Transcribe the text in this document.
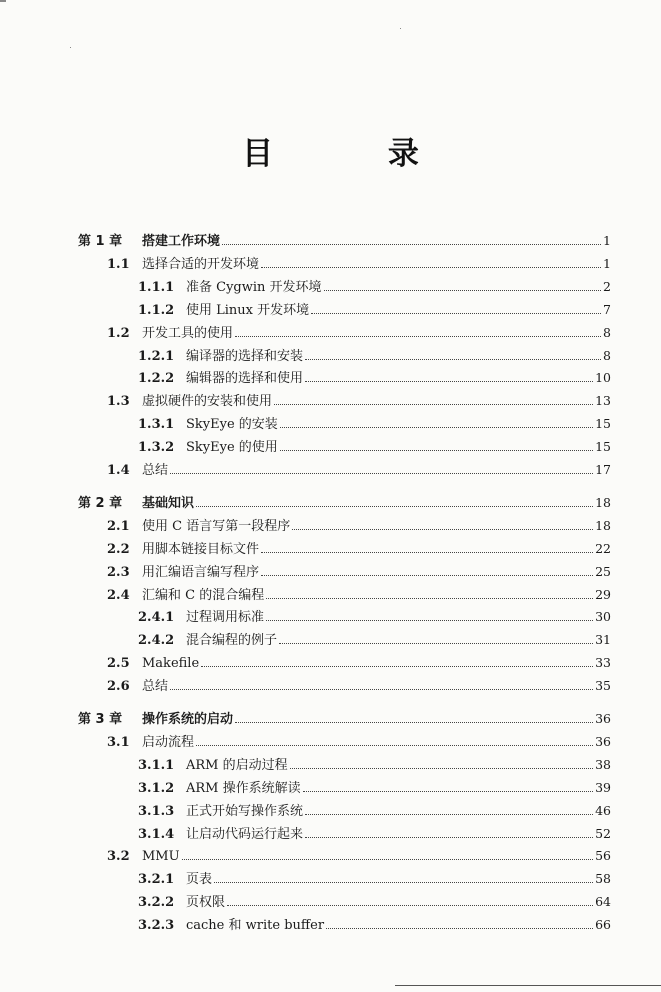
目 录
第 1 章	搭建工作环境	1
1.1 选择合适的开发环境	1
1.1.1 准备 Cygwin 开发环境	2
1.1.2 使用 Linux 开发环境	7
1.2 开发工具的使用	8
1.2.1 编译器的选择和安装	8
1.2.2 编辑器的选择和使用	10
1.3 虚拟硬件的安装和使用	13
1.3.1 SkyEye 的安装	15
1.3.2 SkyEye 的使用	15
1.4 总结	17
第 2 章	基础知识	18
2.1 使用 C 语言写第一段程序	18
2.2 用脚本链接目标文件	22
2.3 用汇编语言编写程序	25
2.4 汇编和 C 的混合编程	29
2.4.1 过程调用标准	30
2.4.2 混合编程的例子	31
2.5 Makefile	33
2.6 总结	35
第 3 章	操作系统的启动	36
3.1 启动流程	36
3.1.1 ARM 的启动过程	38
3.1.2 ARM 操作系统解读	39
3.1.3 正式开始写操作系统	46
3.1.4 让启动代码运行起来	52
3.2 MMU	56
3.2.1 页表	58
3.2.2 页权限	64
3.2.3 cache 和 write buffer	66
